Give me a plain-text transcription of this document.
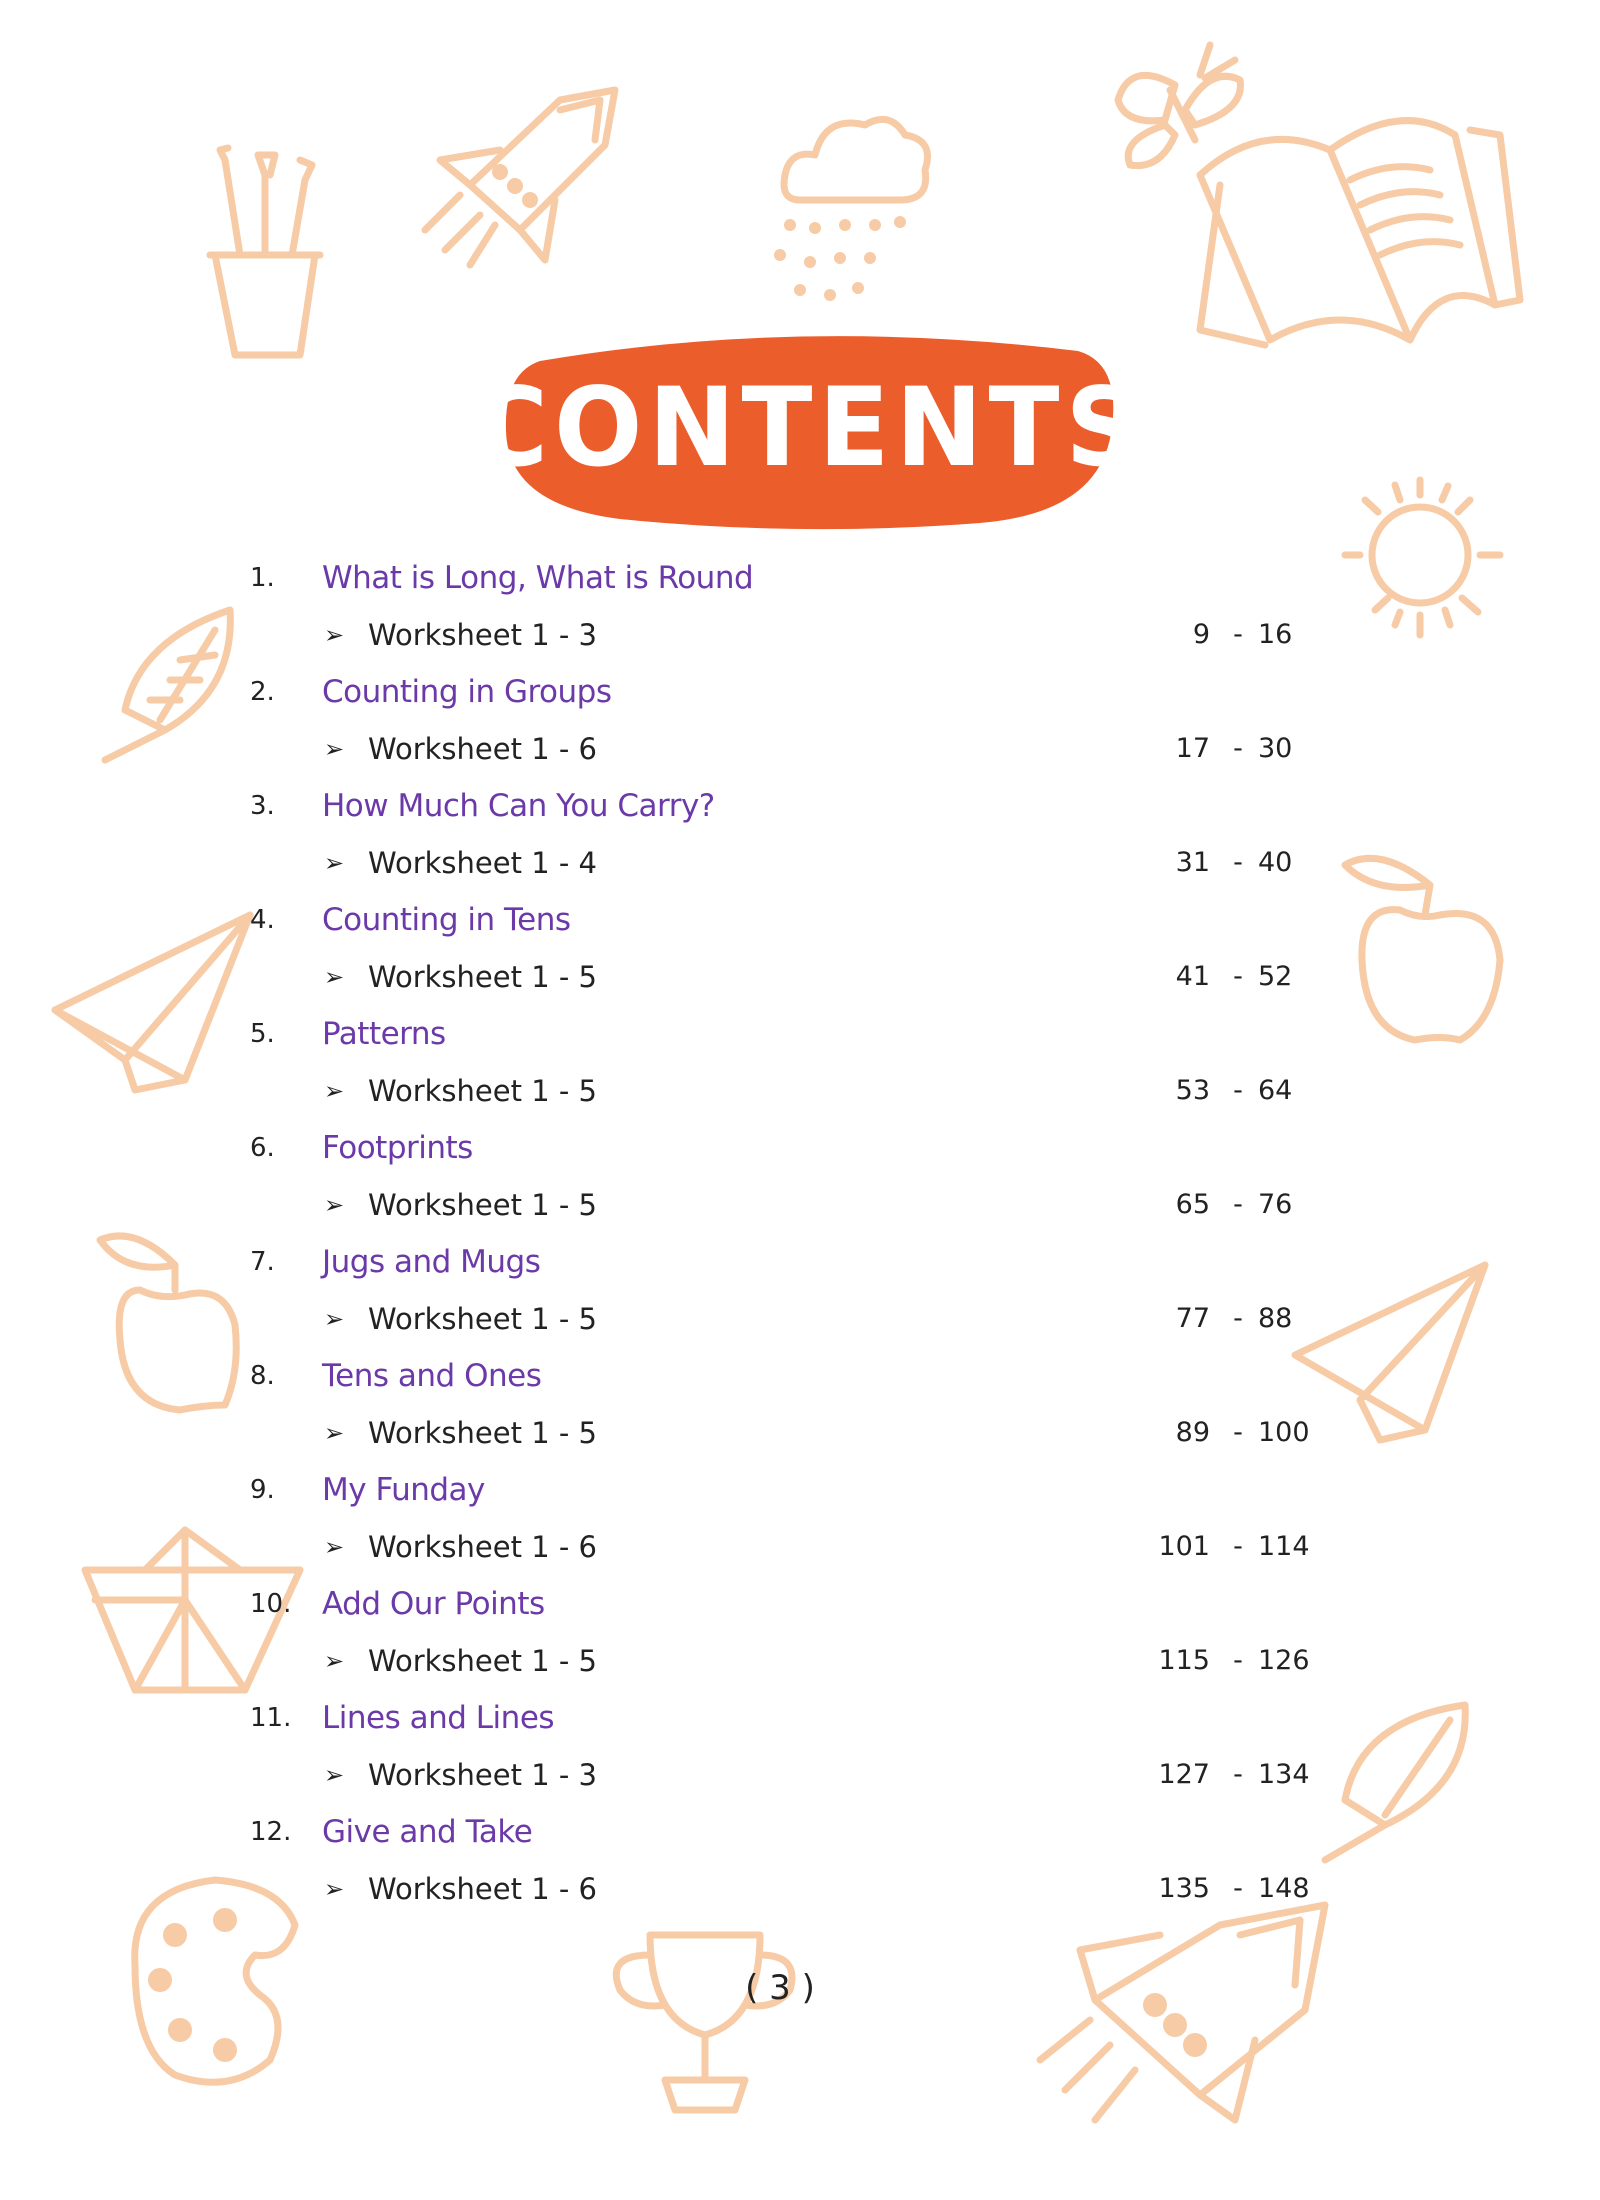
CONTENTS
1.	What is Long, What is Round
➢ Worksheet 1 - 3	9 - 16
2.	Counting in Groups
➢ Worksheet 1 - 6	17 - 30
3.	How Much Can You Carry?
➢ Worksheet 1 - 4	31 - 40
4.	Counting in Tens
➢ Worksheet 1 - 5	41 - 52
5.	Patterns
➢ Worksheet 1 - 5	53 - 64
6.	Footprints
➢ Worksheet 1 - 5	65 - 76
7.	Jugs and Mugs
➢ Worksheet 1 - 5	77 - 88
8.	Tens and Ones
➢ Worksheet 1 - 5	89 - 100
9.	My Funday
➢ Worksheet 1 - 6	101 - 114
10. Add Our Points
➢ Worksheet 1 - 5	115 - 126
11. Lines and Lines
➢ Worksheet 1 - 3	127 - 134
12. Give and Take
➢ Worksheet 1 - 6	135 - 148
( 3 )
